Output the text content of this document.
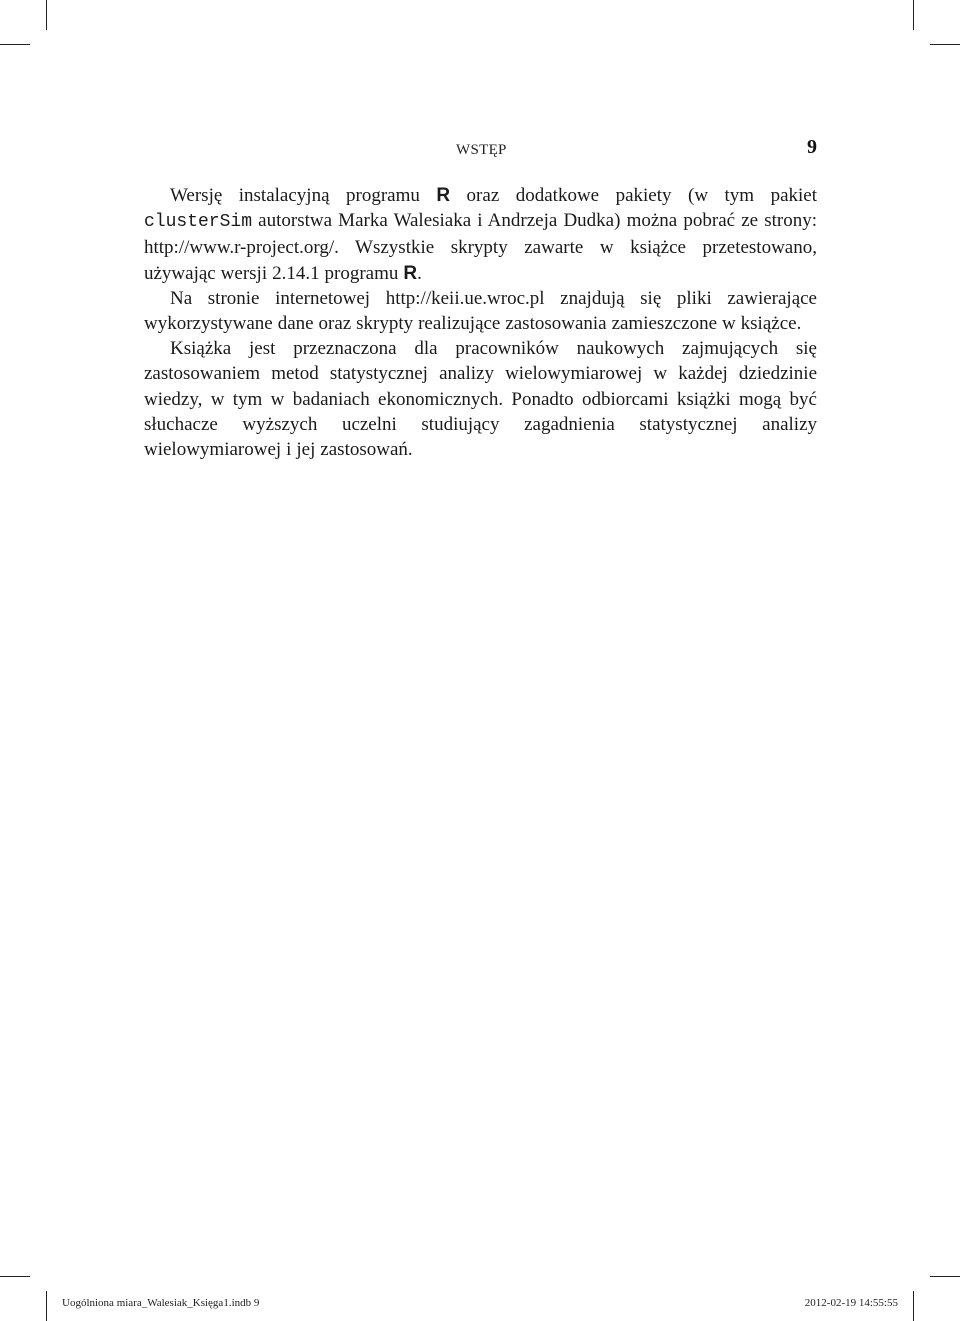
WSTĘP	9

Wersję instalacyjną programu R oraz dodatkowe pakiety (w tym pakiet clusterSim autorstwa Marka Walesiaka i Andrzeja Dudka) można pobrać ze strony: http://www.r-project.org/. Wszystkie skrypty zawarte w książce przetestowano, używając wersji 2.14.1 programu R.

Na stronie internetowej http://keii.ue.wroc.pl znajdują się pliki zawierające wykorzystywane dane oraz skrypty realizujące zastosowania zamieszczone w książce.

Książka jest przeznaczona dla pracowników naukowych zajmujących się zastosowaniem metod statystycznej analizy wielowymiarowej w każdej dziedzinie wiedzy, w tym w badaniach ekonomicznych. Ponadto odbiorcami książki mogą być słuchacze wyższych uczelni studiujący zagadnienia statystycznej analizy wielowymiarowej i jej zastosowań.

Uogólniona miara_Walesiak_Księga1.indb 9	2012-02-19 14:55:55
